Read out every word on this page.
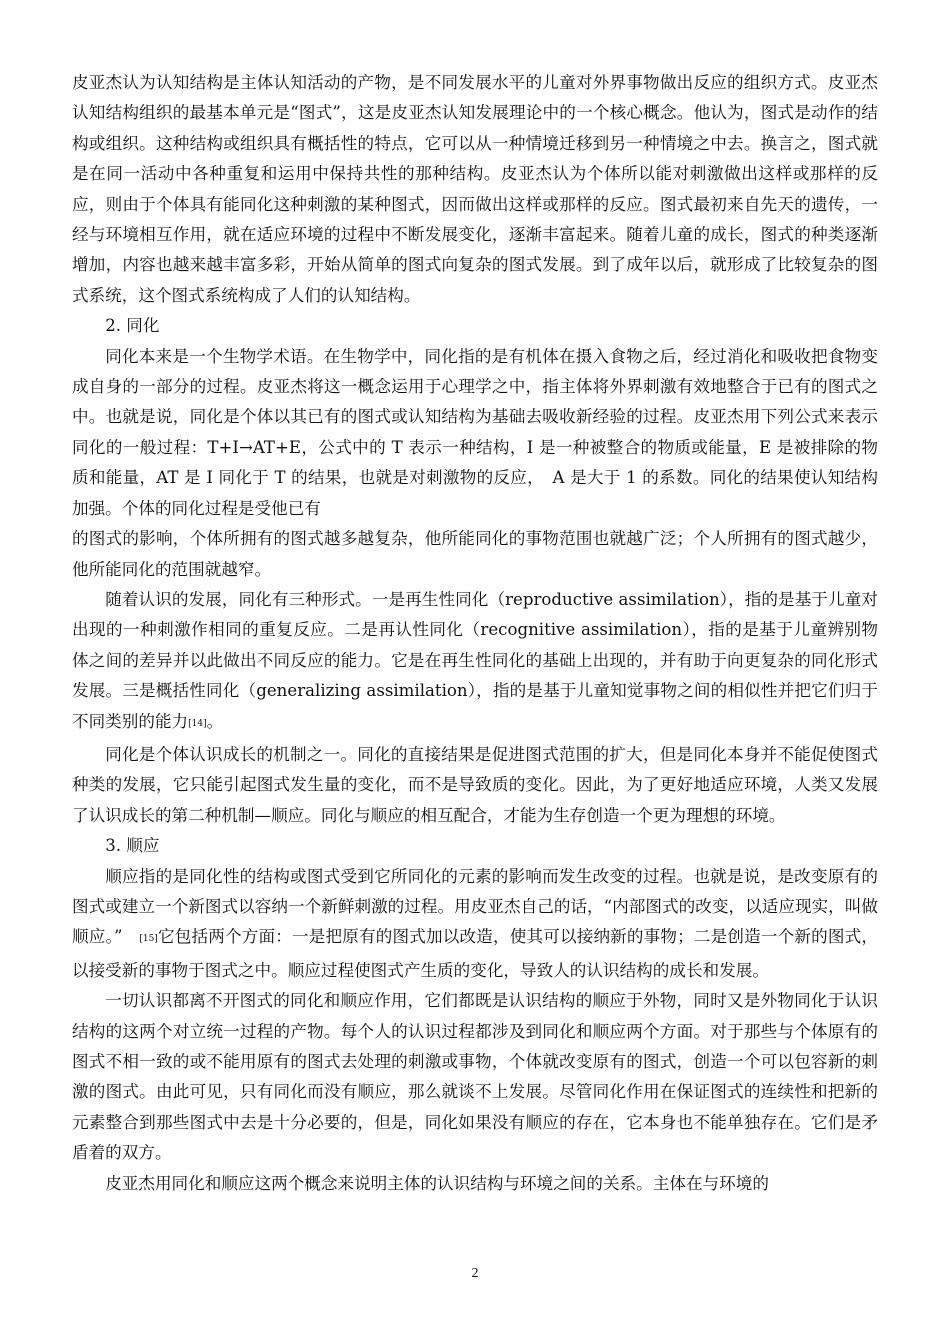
皮亚杰认为认知结构是主体认知活动的产物，是不同发展水平的儿童对外界事物做出反应的组织方式。皮亚杰认知结构组织的最基本单元是“图式”，这是皮亚杰认知发展理论中的一个核心概念。他认为，图式是动作的结构或组织。这种结构或组织具有概括性的特点，它可以从一种情境迁移到另一种情境之中去。换言之，图式就是在同一活动中各种重复和运用中保持共性的那种结构。皮亚杰认为个体所以能对刺激做出这样或那样的反应，则由于个体具有能同化这种刺激的某种图式，因而做出这样或那样的反应。图式最初来自先天的遗传，一经与环境相互作用，就在适应环境的过程中不断发展变化，逐渐丰富起来。随着儿童的成长，图式的种类逐渐增加，内容也越来越丰富多彩，开始从简单的图式向复杂的图式发展。到了成年以后，就形成了比较复杂的图式系统，这个图式系统构成了人们的认知结构。

2. 同化

同化本来是一个生物学术语。在生物学中，同化指的是有机体在摄入食物之后，经过消化和吸收把食物变成自身的一部分的过程。皮亚杰将这一概念运用于心理学之中，指主体将外界刺激有效地整合于已有的图式之中。也就是说，同化是个体以其已有的图式或认知结构为基础去吸收新经验的过程。皮亚杰用下列公式来表示同化的一般过程：T+I→AT+E，公式中的 T 表示一种结构，I 是一种被整合的物质或能量，E 是被排除的物质和能量，AT 是 I 同化于 T 的结果，也就是对刺激物的反应，　A 是大于 1 的系数。同化的结果使认知结构加强。个体的同化过程是受他已有

的图式的影响，个体所拥有的图式越多越复杂，他所能同化的事物范围也就越广泛；个人所拥有的图式越少，他所能同化的范围就越窄。

随着认识的发展，同化有三种形式。一是再生性同化（reproductive assimilation），指的是基于儿童对出现的一种刺激作相同的重复反应。二是再认性同化（recognitive assimilation），指的是基于儿童辨别物体之间的差异并以此做出不同反应的能力。它是在再生性同化的基础上出现的，并有助于向更复杂的同化形式发展。三是概括性同化（generalizing assimilation），指的是基于儿童知觉事物之间的相似性并把它们归于不同类别的能力[14]。

同化是个体认识成长的机制之一。同化的直接结果是促进图式范围的扩大，但是同化本身并不能促使图式种类的发展，它只能引起图式发生量的变化，而不是导致质的变化。因此，为了更好地适应环境，人类又发展了认识成长的第二种机制—顺应。同化与顺应的相互配合，才能为生存创造一个更为理想的环境。

3. 顺应

顺应指的是同化性的结构或图式受到它所同化的元素的影响而发生改变的过程。也就是说，是改变原有的图式或建立一个新图式以容纳一个新鲜刺激的过程。用皮亚杰自己的话，“内部图式的改变，以适应现实，叫做顺应。”　[15]它包括两个方面：一是把原有的图式加以改造，使其可以接纳新的事物；二是创造一个新的图式，以接受新的事物于图式之中。顺应过程使图式产生质的变化，导致人的认识结构的成长和发展。

一切认识都离不开图式的同化和顺应作用，它们都既是认识结构的顺应于外物，同时又是外物同化于认识结构的这两个对立统一过程的产物。每个人的认识过程都涉及到同化和顺应两个方面。对于那些与个体原有的图式不相一致的或不能用原有的图式去处理的刺激或事物，个体就改变原有的图式，创造一个可以包容新的刺激的图式。由此可见，只有同化而没有顺应，那么就谈不上发展。尽管同化作用在保证图式的连续性和把新的元素整合到那些图式中去是十分必要的，但是，同化如果没有顺应的存在，它本身也不能单独存在。它们是矛盾着的双方。

皮亚杰用同化和顺应这两个概念来说明主体的认识结构与环境之间的关系。主体在与环境的

2
